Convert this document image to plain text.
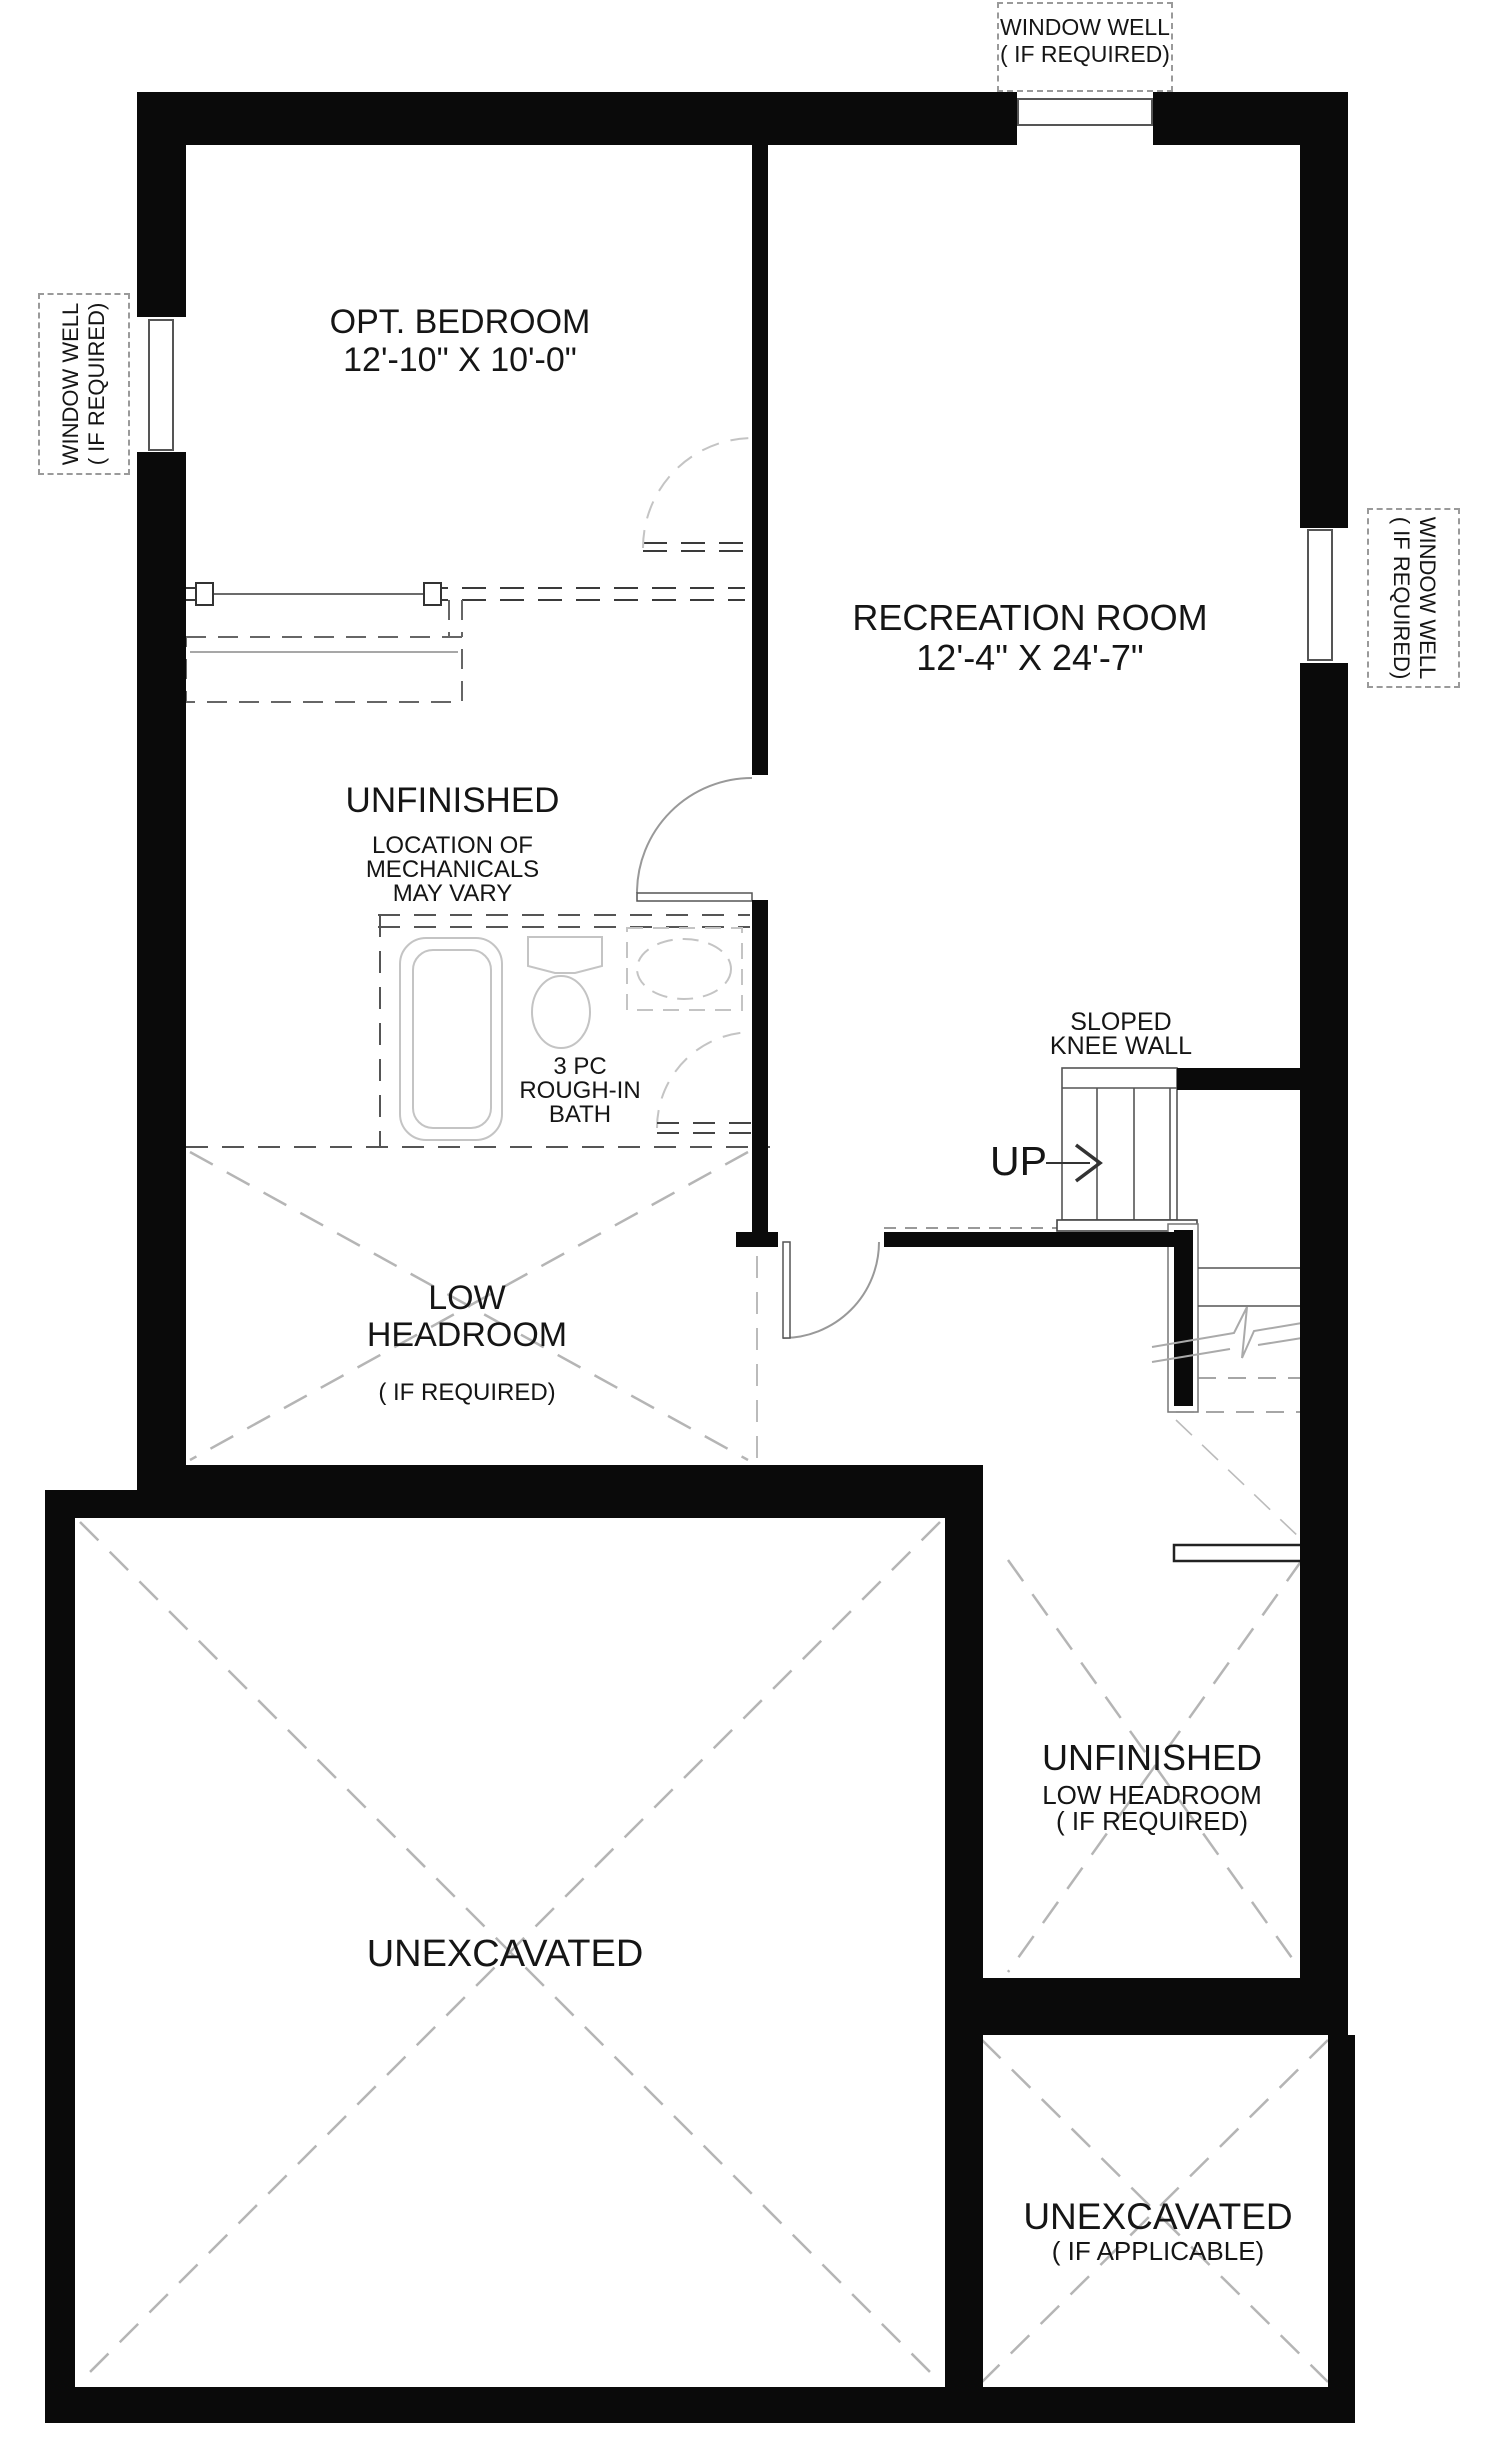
WINDOW WELL
( IF REQUIRED)
WINDOW WELL ( IF REQUIRED)
WINDOW WELL
( IF REQUIRED)
OPT. BEDROOM
12'-10" X 10'-0"
RECREATION ROOM
12'-4" X 24'-7"
UNFINISHED
LOCATION OF
MECHANICALS
MAY VARY
3 PC
ROUGH-IN
BATH
SLOPED
KNEE WALL
UP
LOW
HEADROOM
( IF REQUIRED)
UNFINISHED
LOW HEADROOM
( IF REQUIRED)
UNEXCAVATED
UNEXCAVATED
( IF APPLICABLE)
